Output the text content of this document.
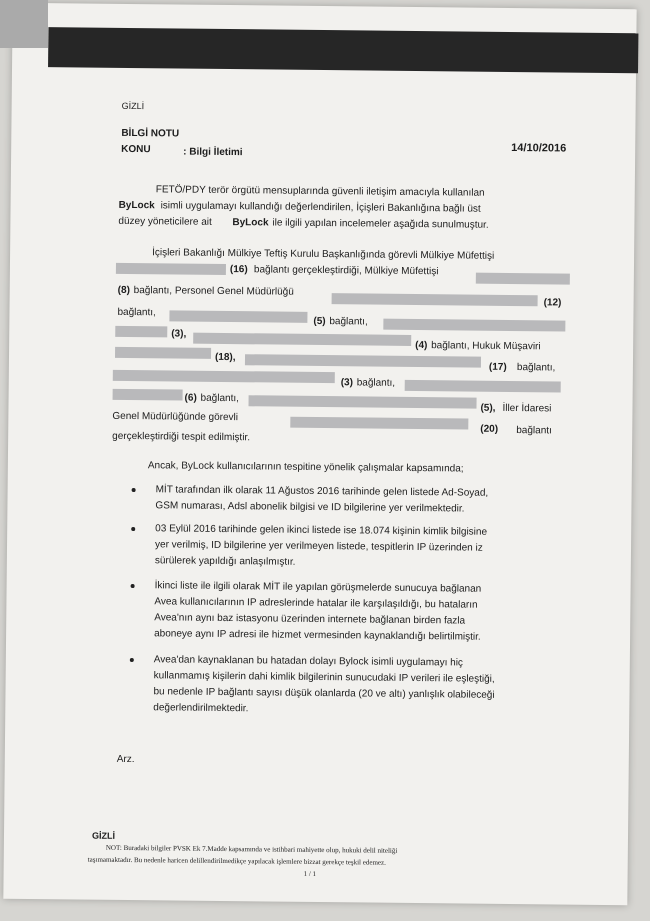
GİZLİ
BİLGİ NOTU
KONU	: Bilgi İletimi	14/10/2016
FETÖ/PDY terör örgütü mensuplarında güvenli iletişim amacıyla kullanılan
ByLock isimli uygulamayı kullandığı değerlendirilen, İçişleri Bakanlığına bağlı üst
düzey yöneticilere ait ByLock ile ilgili yapılan incelemeler aşağıda sunulmuştur.
İçişleri Bakanlığı Mülkiye Teftiş Kurulu Başkanlığında görevli Mülkiye Müfettişi
(16) bağlantı gerçekleştirdiği, Mülkiye Müfettişi
(8) bağlantı, Personel Genel Müdürlüğü
(12)
bağlantı,
(5) bağlantı,
(3),
(4) bağlantı, Hukuk Müşaviri
(18),
(17) bağlantı,
(3) bağlantı,
(6) bağlantı,
(5), İller İdaresi
Genel Müdürlüğünde görevli
(20) bağlantı
gerçekleştirdiği tespit edilmiştir.
Ancak, ByLock kullanıcılarının tespitine yönelik çalışmalar kapsamında;
MİT tarafından ilk olarak 11 Ağustos 2016 tarihinde gelen listede Ad-Soyad,
GSM numarası, Adsl abonelik bilgisi ve ID bilgilerine yer verilmektedir.
03 Eylül 2016 tarihinde gelen ikinci listede ise 18.074 kişinin kimlik bilgisine
yer verilmiş, ID bilgilerine yer verilmeyen listede, tespitlerin IP üzerinden iz
sürülerek yapıldığı anlaşılmıştır.
İkinci liste ile ilgili olarak MİT ile yapılan görüşmelerde sunucuya bağlanan
Avea kullanıcılarının IP adreslerinde hatalar ile karşılaşıldığı, bu hataların
Avea'nın aynı baz istasyonu üzerinden internete bağlanan birden fazla
aboneye aynı IP adresi ile hizmet vermesinden kaynaklandığı belirtilmiştir.
Avea'dan kaynaklanan bu hatadan dolayı Bylock isimli uygulamayı hiç
kullanmamış kişilerin dahi kimlik bilgilerinin sunucudaki IP verileri ile eşleştiği,
bu nedenle IP bağlantı sayısı düşük olanlarda (20 ve altı) yanlışlık olabileceği
değerlendirilmektedir.
Arz.
GİZLİ
NOT: Buradaki bilgiler PVSK Ek 7.Madde kapsamında ve istihbari mahiyette olup, hukuki delil niteliği
taşımamaktadır. Bu nedenle haricen delillendirilmedikçe yapılacak işlemlere bizzat gerekçe teşkil edemez.
1 / 1
